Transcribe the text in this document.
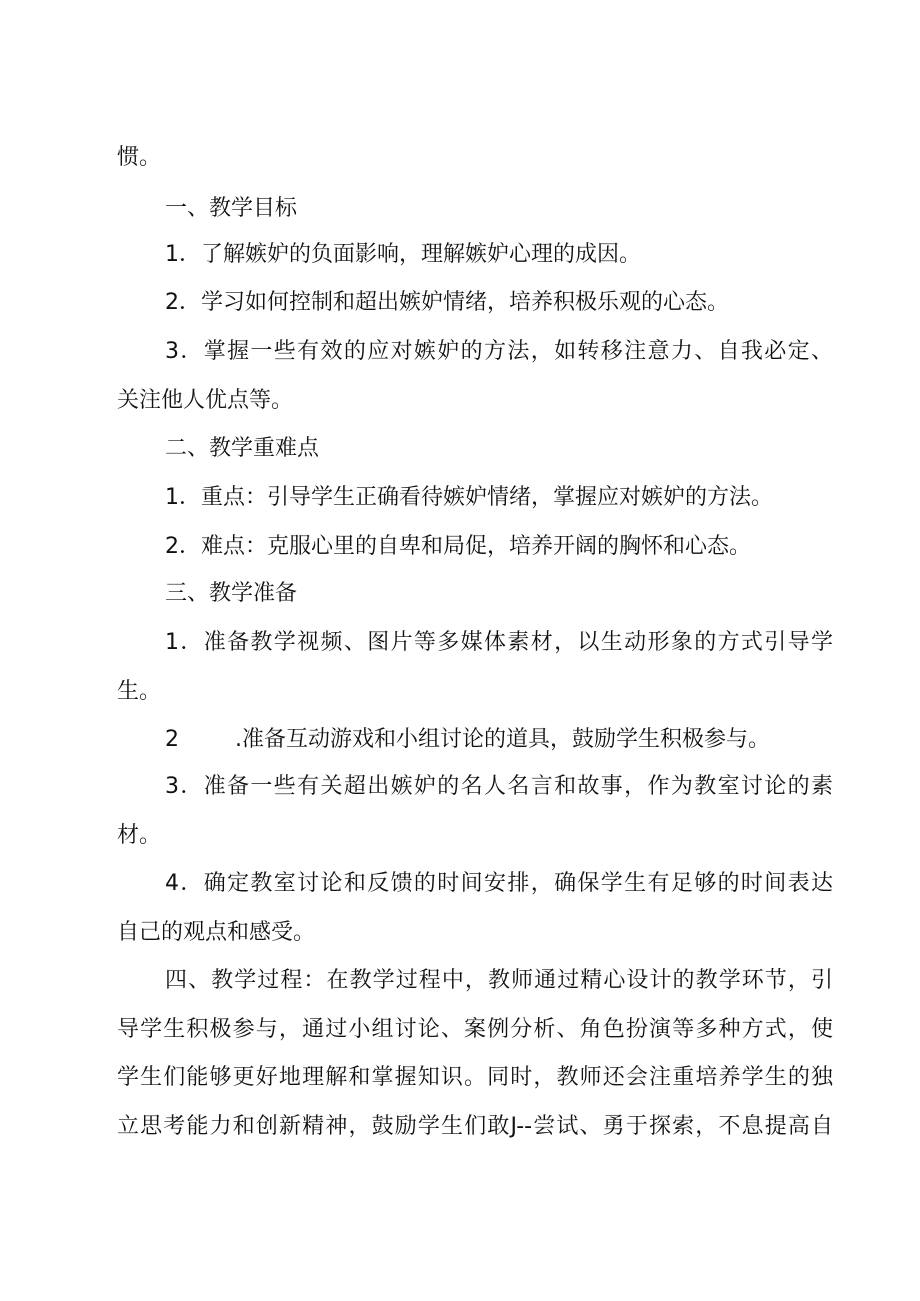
惯。
一、教学目标
1．了解嫉妒的负面影响，理解嫉妒心理的成因。
2．学习如何控制和超出嫉妒情绪，培养积极乐观的心态。
3．掌握一些有效的应对嫉妒的方法，如转移注意力、自我必定、
关注他人优点等。
二、教学重难点
1．重点：引导学生正确看待嫉妒情绪，掌握应对嫉妒的方法。
2．难点：克服心里的自卑和局促，培养开阔的胸怀和心态。
三、教学准备
1．准备教学视频、图片等多媒体素材，以生动形象的方式引导学
生。
2	.准备互动游戏和小组讨论的道具，鼓励学生积极参与。
3．准备一些有关超出嫉妒的名人名言和故事，作为教室讨论的素
材。
4．确定教室讨论和反馈的时间安排，确保学生有足够的时间表达
自己的观点和感受。
四、教学过程：在教学过程中，教师通过精心设计的教学环节，引
导学生积极参与，通过小组讨论、案例分析、角色扮演等多种方式，使
学生们能够更好地理解和掌握知识。同时，教师还会注重培养学生的独
立思考能力和创新精神，鼓励学生们敢J--尝试、勇于探索，不息提高自
